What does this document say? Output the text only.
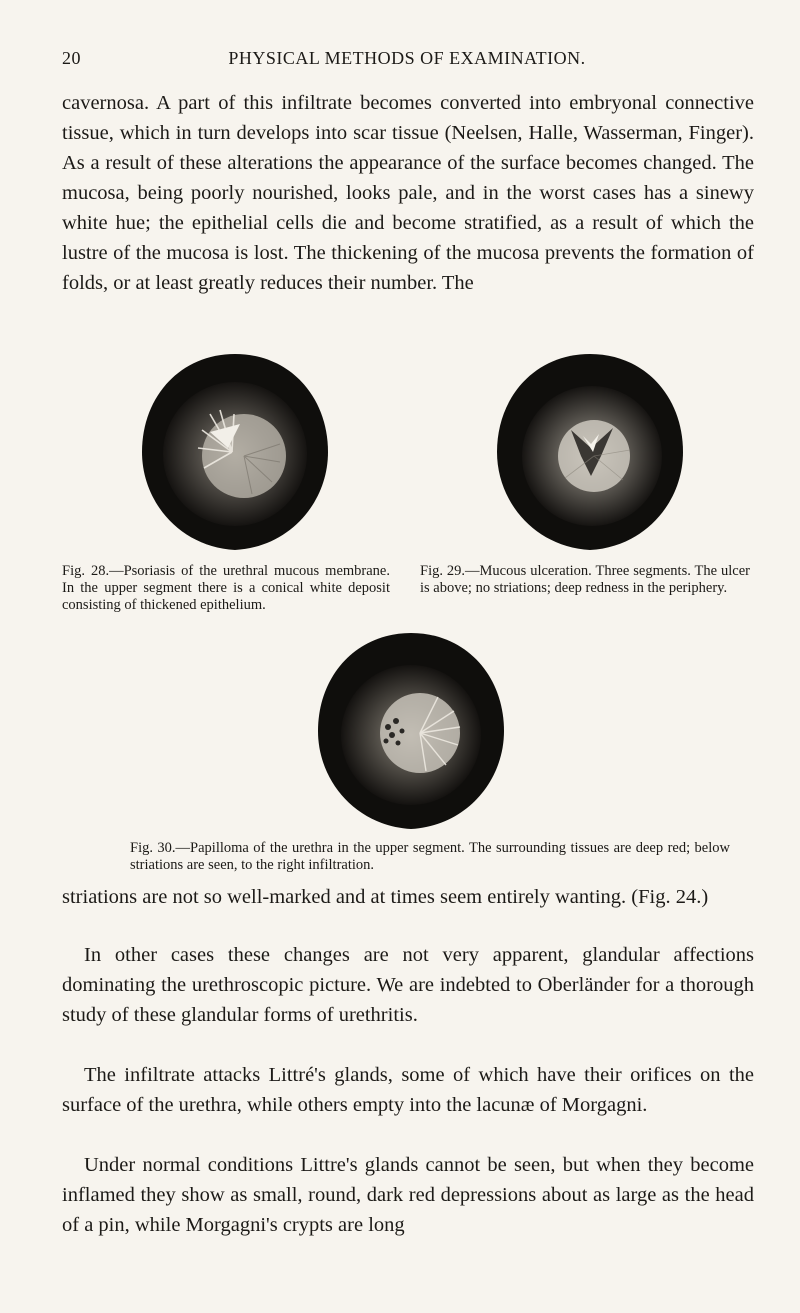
20	PHYSICAL METHODS OF EXAMINATION.

cavernosa. A part of this infiltrate becomes converted into embryonal connective tissue, which in turn develops into scar tissue (Neelsen, Halle, Wasserman, Finger). As a result of these alterations the appearance of the surface becomes changed. The mucosa, being poorly nourished, looks pale, and in the worst cases has a sinewy white hue; the epithelial cells die and become stratified, as a result of which the lustre of the mucosa is lost. The thickening of the mucosa prevents the formation of folds, or at least greatly reduces their number. The

Fig. 28.—Psoriasis of the urethral mucous membrane. In the upper segment there is a conical white deposit consisting of thickened epithelium.

Fig. 29.—Mucous ulceration. Three segments. The ulcer is above; no striations; deep redness in the periphery.

Fig. 30.—Papilloma of the urethra in the upper segment. The surrounding tissues are deep red; below striations are seen, to the right infiltration.

striations are not so well-marked and at times seem entirely wanting. (Fig. 24.)

In other cases these changes are not very apparent, glandular affections dominating the urethroscopic picture. We are indebted to Oberländer for a thorough study of these glandular forms of urethritis.

The infiltrate attacks Littré's glands, some of which have their orifices on the surface of the urethra, while others empty into the lacunæ of Morgagni.

Under normal conditions Littre's glands cannot be seen, but when they become inflamed they show as small, round, dark red depressions about as large as the head of a pin, while Morgagni's crypts are long
